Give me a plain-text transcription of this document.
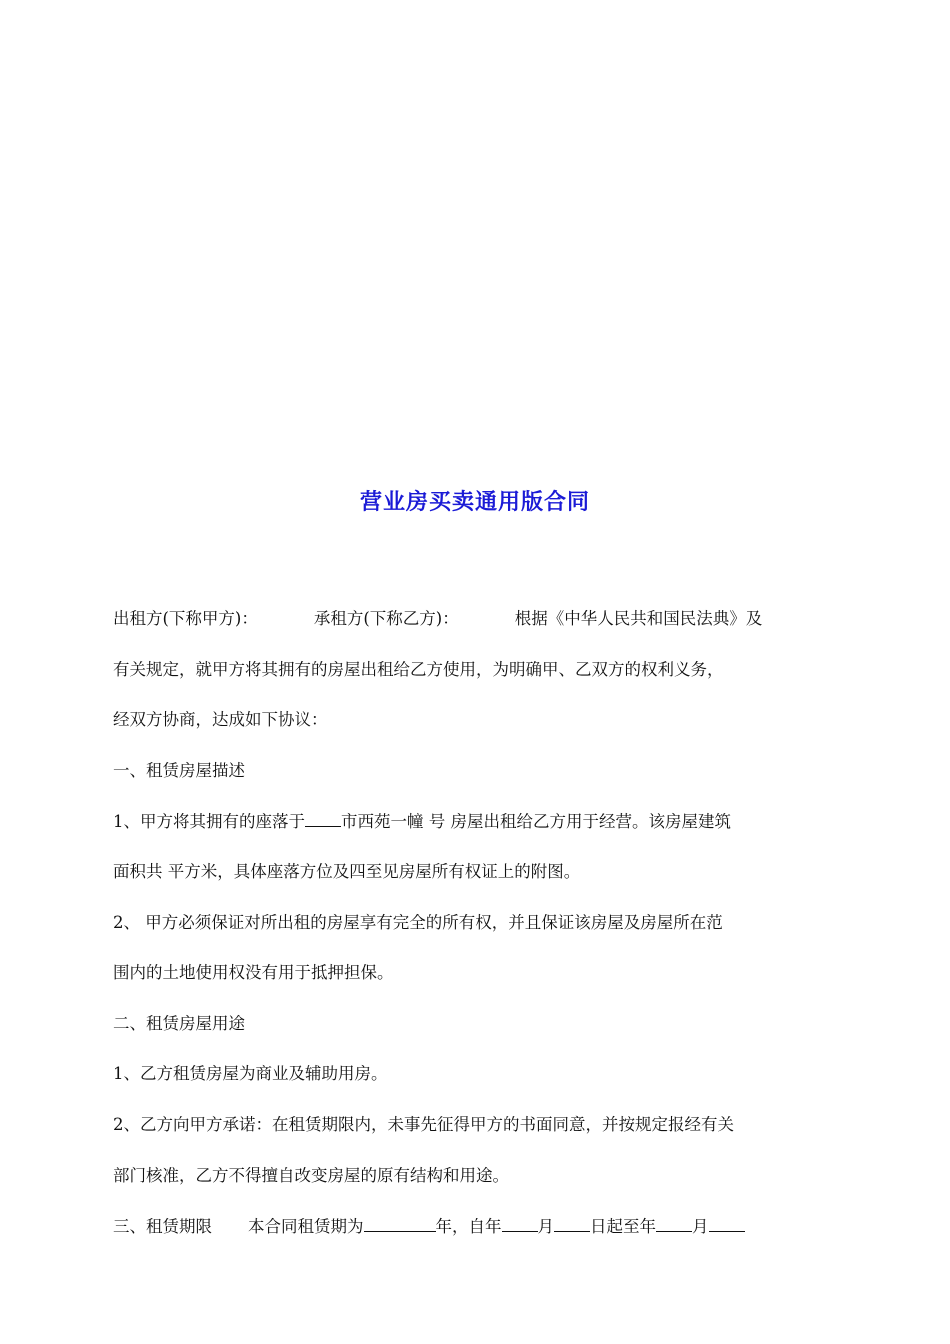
营业房买卖通用版合同
出租方(下称甲方)：	承租方(下称乙方)：	根据《中华人民共和国民法典》及
有关规定，就甲方将其拥有的房屋出租给乙方使用，为明确甲、乙双方的权利义务，
经双方协商，达成如下协议：
一、租赁房屋描述
1、甲方将其拥有的座落于 市西苑一幢 号 房屋出租给乙方用于经营。该房屋建筑
面积共 平方米，具体座落方位及四至见房屋所有权证上的附图。
2、 甲方必须保证对所出租的房屋享有完全的所有权，并且保证该房屋及房屋所在范
围内的土地使用权没有用于抵押担保。
二、租赁房屋用途
1、乙方租赁房屋为商业及辅助用房。
2、乙方向甲方承诺：在租赁期限内，未事先征得甲方的书面同意，并按规定报经有关
部门核准，乙方不得擅自改变房屋的原有结构和用途。
三、租赁期限 本合同租赁期为	年，自年 月 日起至年 月
